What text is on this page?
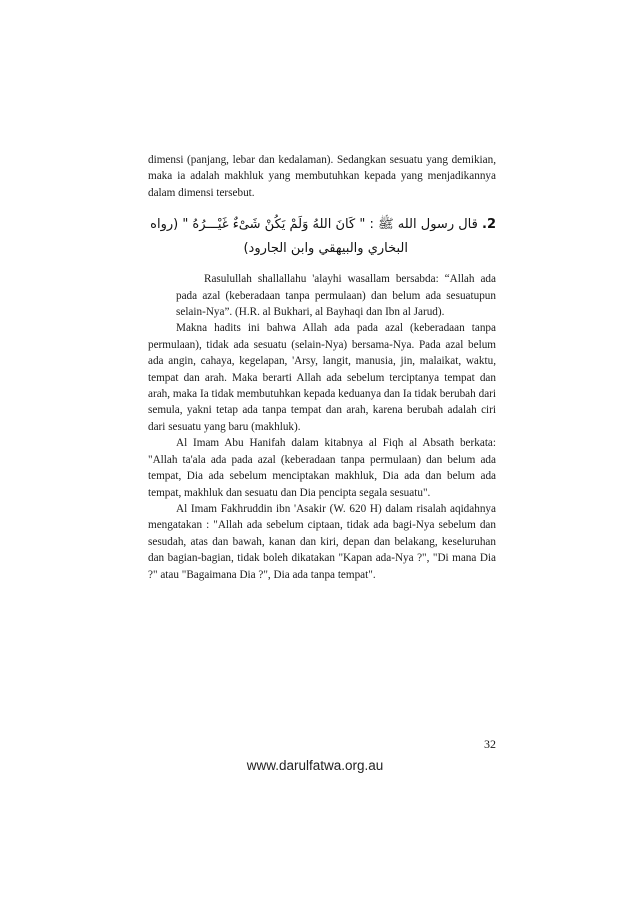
dimensi (panjang, lebar dan kedalaman). Sedangkan sesuatu yang demikian, maka ia adalah makhluk yang membutuhkan kepada yang menjadikannya dalam dimensi tersebut.

2. قال رسول الله ﷺ : " كَانَ اللهُ وَلَمْ يَكُنْ شَىْءٌ غَيْـــرُهُ " (رواه
البخاري والبيهقي وابن الجارود)

Rasulullah shallallahu 'alayhi wasallam bersabda: “Allah ada pada azal (keberadaan tanpa permulaan) dan belum ada sesuatupun selain-Nya”. (H.R. al Bukhari, al Bayhaqi dan Ibn al Jarud).

Makna hadits ini bahwa Allah ada pada azal (keberadaan tanpa permulaan), tidak ada sesuatu (selain-Nya) bersama-Nya. Pada azal belum ada angin, cahaya, kegelapan, 'Arsy, langit, manusia, jin, malaikat, waktu, tempat dan arah. Maka berarti Allah ada sebelum terciptanya tempat dan arah, maka Ia tidak membutuhkan kepada keduanya dan Ia tidak berubah dari semula, yakni tetap ada tanpa tempat dan arah, karena berubah adalah ciri dari sesuatu yang baru (makhluk).

Al Imam Abu Hanifah dalam kitabnya al Fiqh al Absath berkata: "Allah ta'ala ada pada azal (keberadaan tanpa permulaan) dan belum ada tempat, Dia ada sebelum menciptakan makhluk, Dia ada dan belum ada tempat, makhluk dan sesuatu dan Dia pencipta segala sesuatu".

Al Imam Fakhruddin ibn 'Asakir (W. 620 H) dalam risalah aqidahnya mengatakan : "Allah ada sebelum ciptaan, tidak ada bagi-Nya sebelum dan sesudah, atas dan bawah, kanan dan kiri, depan dan belakang, keseluruhan dan bagian-bagian, tidak boleh dikatakan "Kapan ada-Nya ?", "Di mana Dia ?" atau "Bagaimana Dia ?", Dia ada tanpa tempat".

32
www.darulfatwa.org.au
